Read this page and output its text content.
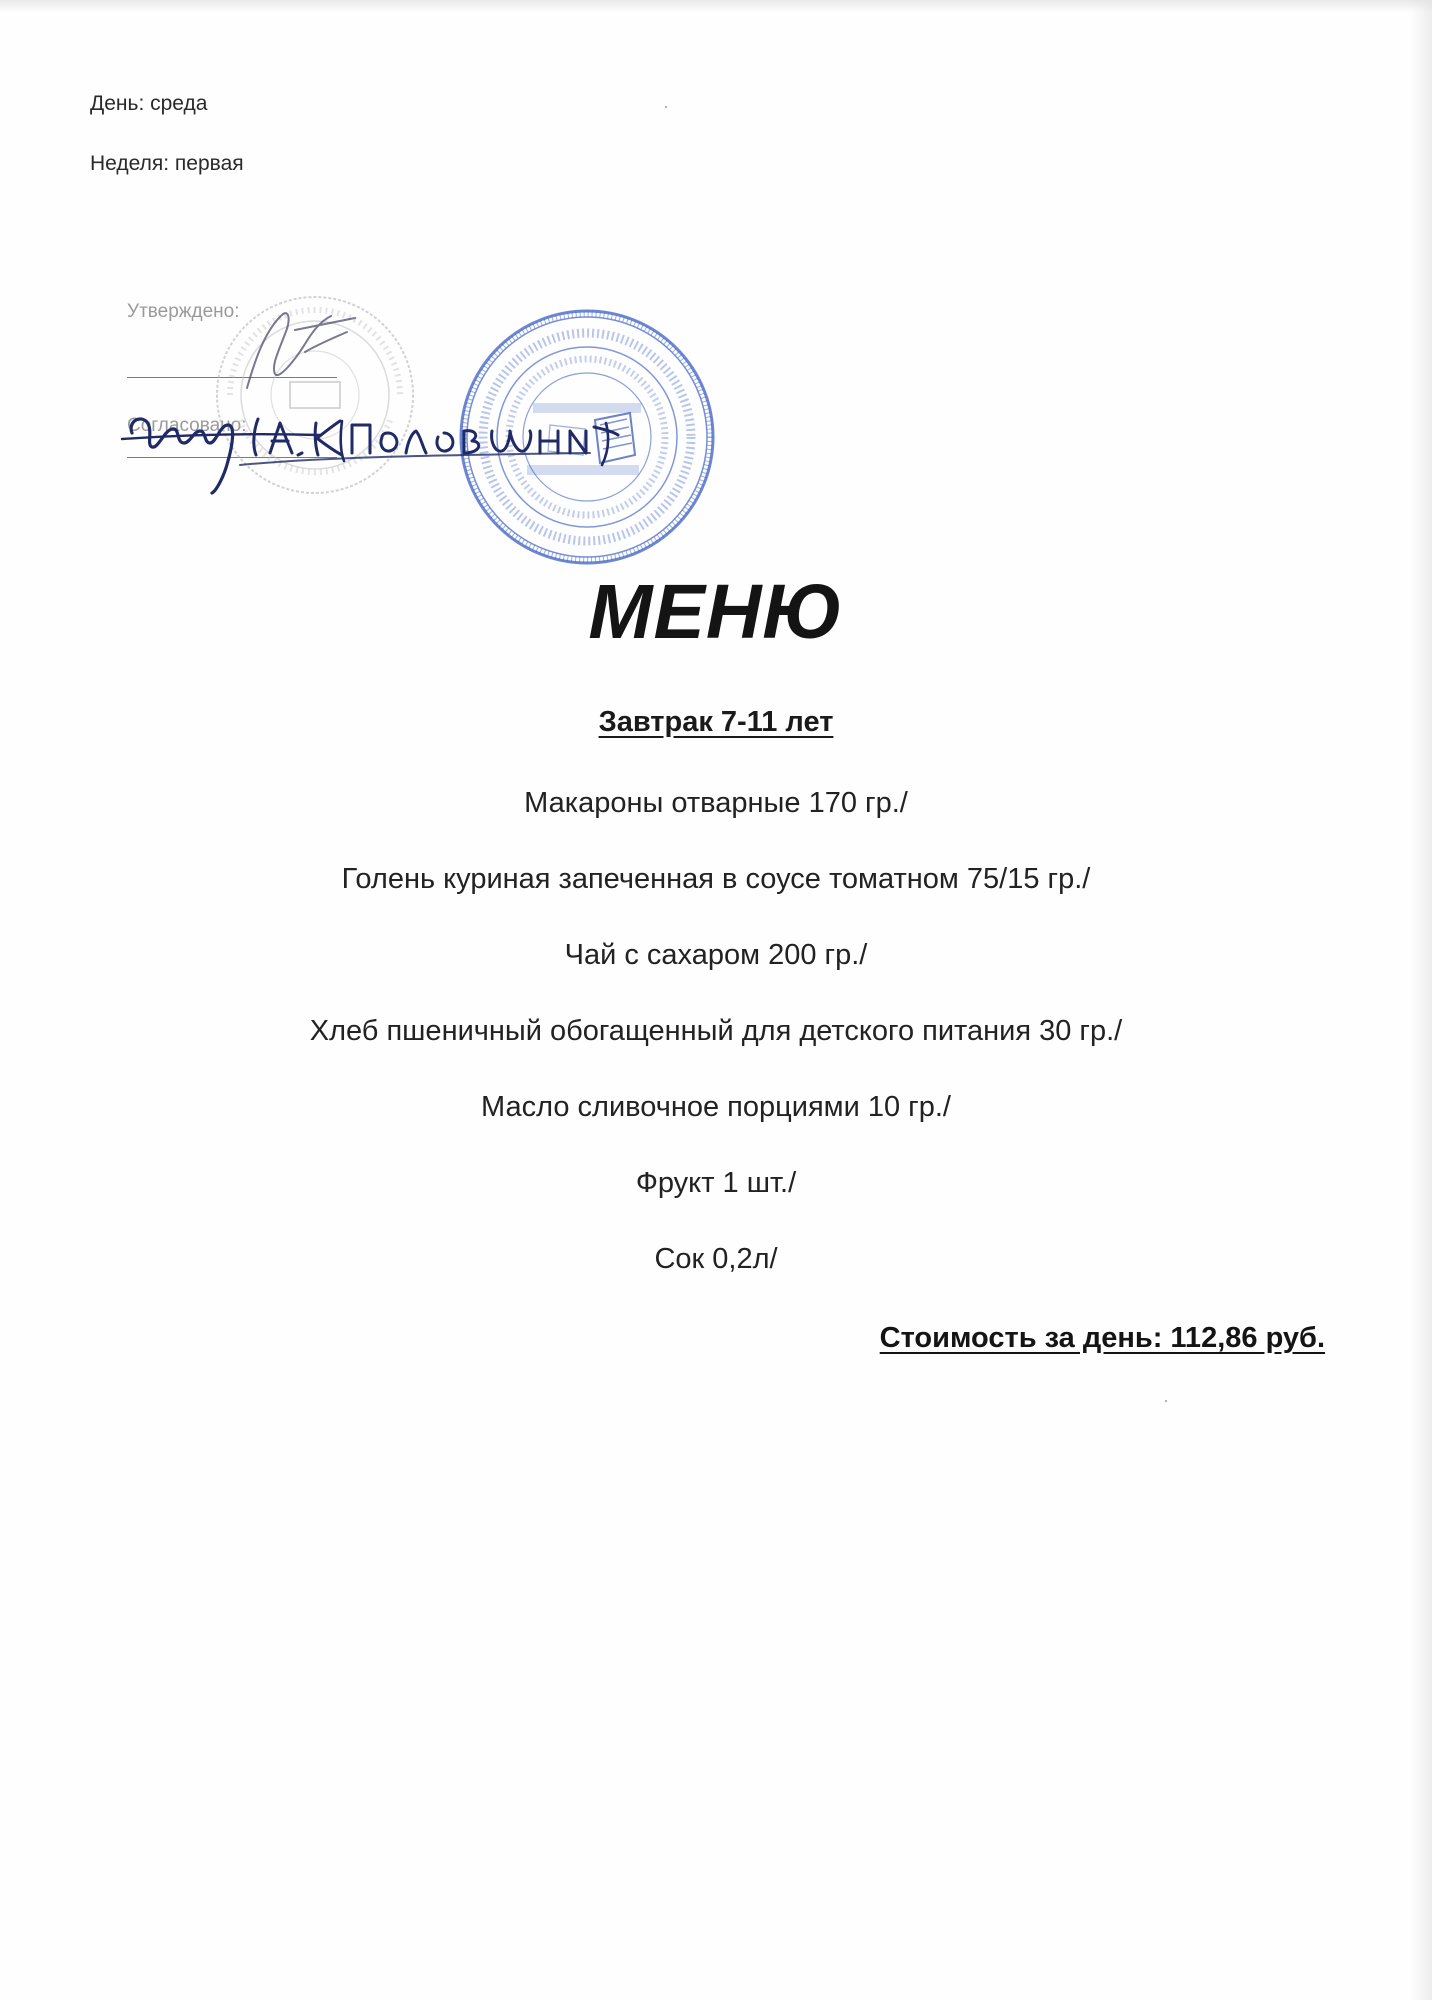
День: среда
Неделя: первая
Утверждено:
Согласовано:
МЕНЮ
Завтрак 7-11 лет
Макароны отварные 170 гр./
Голень куриная запеченная в соусе томатном 75/15 гр./
Чай с сахаром 200 гр./
Хлеб пшеничный обогащенный для детского питания 30 гр./
Масло сливочное порциями 10 гр./
Фрукт 1 шт./
Сок 0,2л/
Стоимость за день: 112,86 руб.
